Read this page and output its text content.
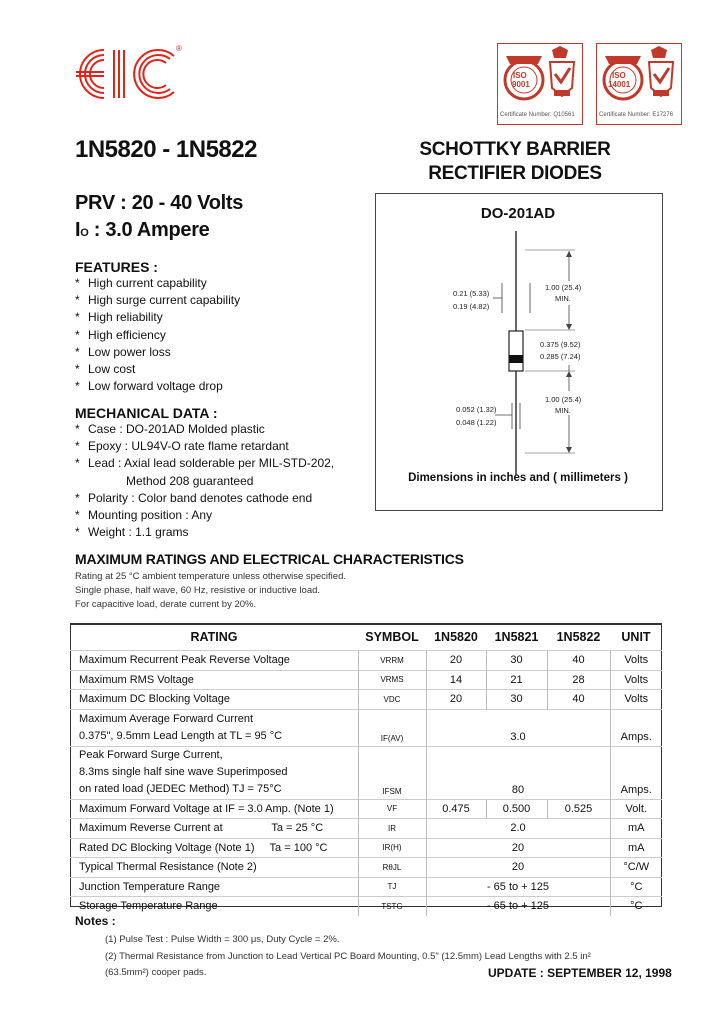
®
ISO
9001
Certificate Number: Q10561
ISO
14001
Certificate Number: E17276
1N5820 - 1N5822	SCHOTTKY BARRIER
RECTIFIER DIODES
PRV : 20 - 40 Volts
IO : 3.0 Ampere
FEATURES :
* High current capability
* High surge current capability
* High reliability
* High efficiency
* Low power loss
* Low cost
* Low forward voltage drop
MECHANICAL DATA :
* Case : DO-201AD Molded plastic
* Epoxy : UL94V-O rate flame retardant
* Lead : Axial lead solderable per MIL-STD-202,
Method 208 guaranteed
* Polarity : Color band denotes cathode end
* Mounting position : Any
* Weight : 1.1 grams
DO-201AD
0.21 (5.33)
0.19 (4.82)
1.00 (25.4)
MIN.
0.375 (9.52)
0.285 (7.24)
1.00 (25.4)
MIN.
0.052 (1.32)
0.048 (1.22)
Dimensions in inches and ( millimeters )
MAXIMUM RATINGS AND ELECTRICAL CHARACTERISTICS
Rating at 25 °C ambient temperature unless otherwise specified.
Single phase, half wave, 60 Hz, resistive or inductive load.
For capacitive load, derate current by 20%.
RATING	SYMBOL	1N5820	1N5821	1N5822	UNIT
Maximum Recurrent Peak Reverse Voltage	VRRM	20	30	40	Volts
Maximum RMS Voltage	VRMS	14	21	28	Volts
Maximum DC Blocking Voltage	VDC	20	30	40	Volts

Maximum Average Forward Current
0.375", 9.5mm Lead Length at TL = 95 °C	IF(AV)	3.0			Amps.

Peak Forward Surge Current,
8.3ms single half sine wave Superimposed
on rated load (JEDEC Method) TJ = 75°C	IFSM	80			Amps.
Maximum Forward Voltage at IF = 3.0 Amp. (Note 1)	VF	0.475	0.500	0.525	Volt.
Maximum Reverse Current at                Ta = 25 °C	IR	2.0			mA
Rated DC Blocking Voltage (Note 1)     Ta = 100 °C	IR(H)	20			mA
Typical Thermal Resistance (Note 2)	RθJL	20			°C/W
Junction Temperature Range	TJ	- 65 to + 125			°C
Storage Temperature Range	TSTG	- 65 to + 125			°C
Notes :
(1) Pulse Test : Pulse Width = 300 μs, Duty Cycle = 2%.
(2) Thermal Resistance from Junction to Lead Vertical PC Board Mounting, 0.5" (12.5mm) Lead Lengths with 2.5 in²
(63.5mm²) cooper pads.	UPDATE : SEPTEMBER 12, 1998
